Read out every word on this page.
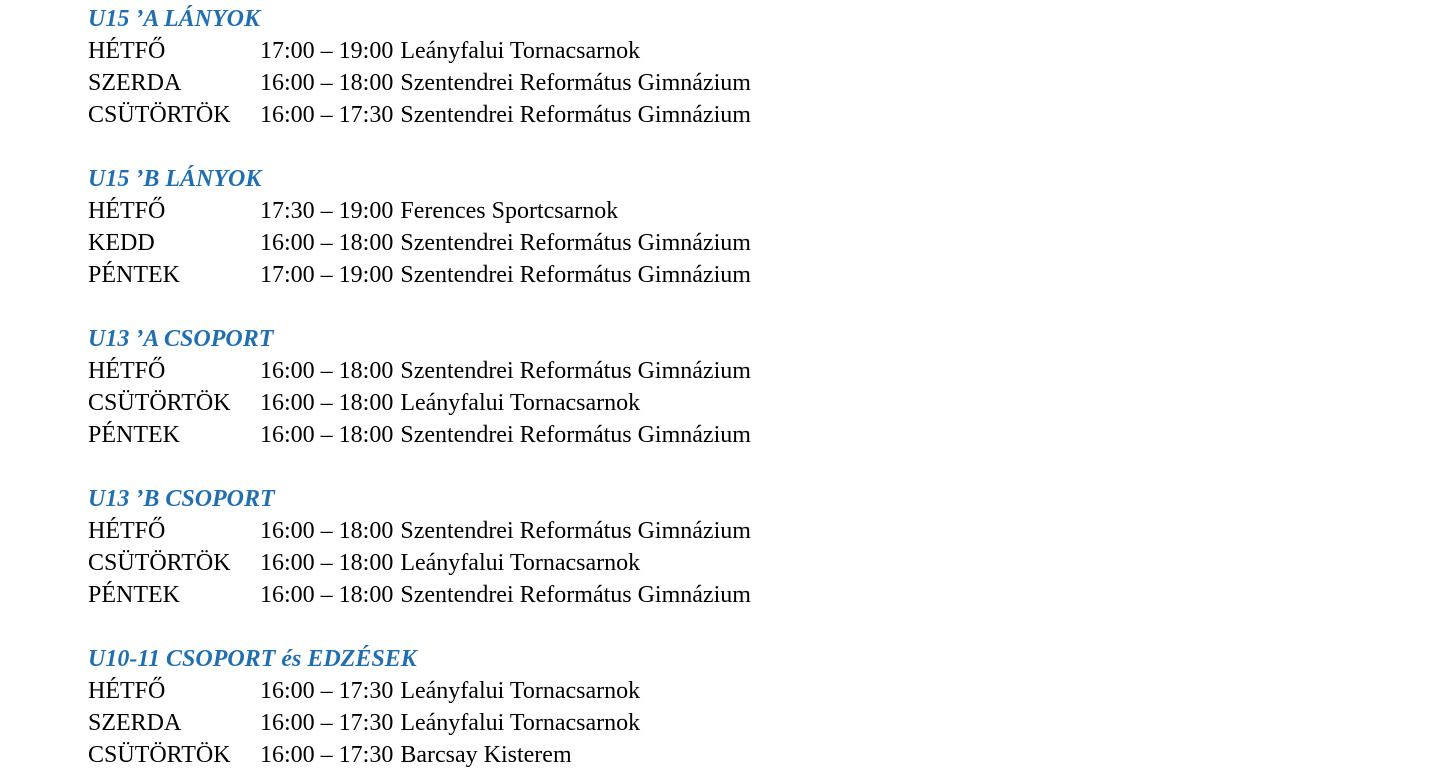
U15 ’A LÁNYOK
HÉTFŐ	17:00 – 19:00 Leányfalui Tornacsarnok
SZERDA	16:00 – 18:00 Szentendrei Református Gimnázium
CSÜTÖRTÖK	16:00 – 17:30 Szentendrei Református Gimnázium
U15 ’B LÁNYOK
HÉTFŐ	17:30 – 19:00 Ferences Sportcsarnok
KEDD	16:00 – 18:00 Szentendrei Református Gimnázium
PÉNTEK	17:00 – 19:00 Szentendrei Református Gimnázium
U13 ’A CSOPORT
HÉTFŐ	16:00 – 18:00 Szentendrei Református Gimnázium
CSÜTÖRTÖK	16:00 – 18:00 Leányfalui Tornacsarnok
PÉNTEK	16:00 – 18:00 Szentendrei Református Gimnázium
U13 ’B CSOPORT
HÉTFŐ	16:00 – 18:00 Szentendrei Református Gimnázium
CSÜTÖRTÖK	16:00 – 18:00 Leányfalui Tornacsarnok
PÉNTEK	16:00 – 18:00 Szentendrei Református Gimnázium
U10-11 CSOPORT és EDZÉSEK
HÉTFŐ	16:00 – 17:30 Leányfalui Tornacsarnok
SZERDA	16:00 – 17:30 Leányfalui Tornacsarnok
CSÜTÖRTÖK	16:00 – 17:30 Barcsay Kisterem
